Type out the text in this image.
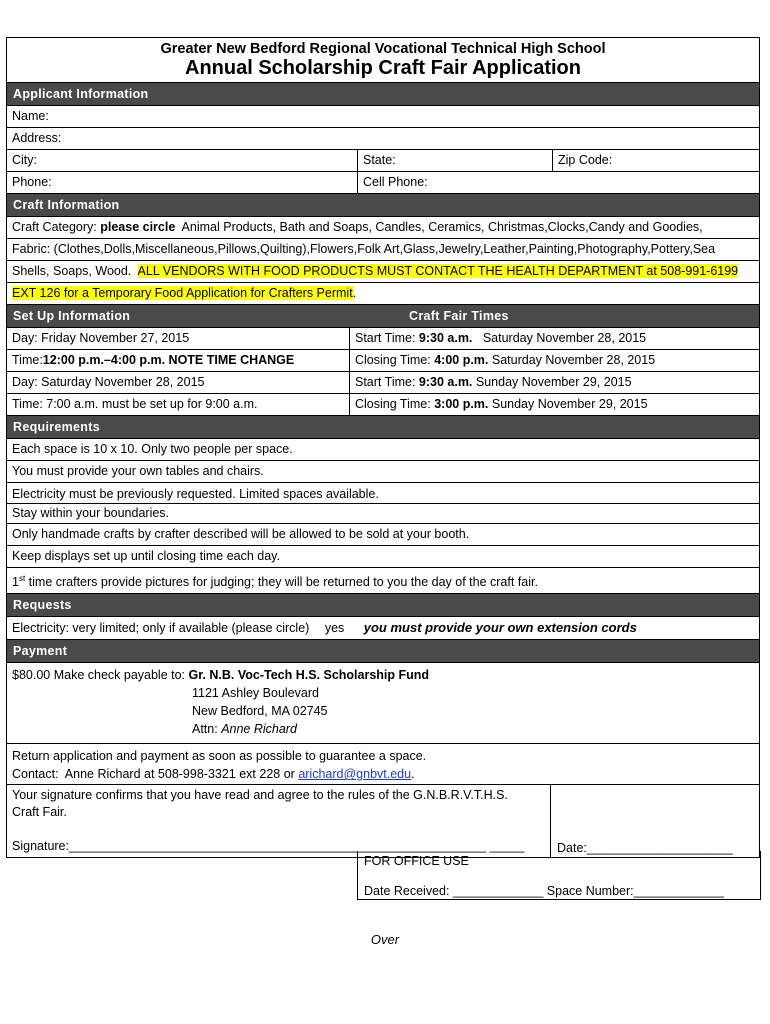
Greater New Bedford Regional Vocational Technical High School
Annual Scholarship Craft Fair Application
Applicant Information
Name:
Address:
City:	State:	Zip Code:
Phone:	Cell Phone:
Craft Information
Craft Category: please circle  Animal Products, Bath and Soaps, Candles, Ceramics, Christmas,Clocks,Candy and Goodies,
Fabric: (Clothes,Dolls,Miscellaneous,Pillows,Quilting),Flowers,Folk Art,Glass,Jewelry,Leather,Painting,Photography,Pottery,Sea
Shells, Soaps, Wood.  ALL VENDORS WITH FOOD PRODUCTS MUST CONTACT THE HEALTH DEPARTMENT at 508-991-6199
EXT 126 for a Temporary Food Application for Crafters Permit.
Set Up Information	Craft Fair Times
Day: Friday November 27, 2015	Start Time: 9:30 a.m.   Saturday November 28, 2015
Time:12:00 p.m.–4:00 p.m. NOTE TIME CHANGE	Closing Time: 4:00 p.m. Saturday November 28, 2015
Day: Saturday November 28, 2015	Start Time: 9:30 a.m. Sunday November 29, 2015
Time: 7:00 a.m. must be set up for 9:00 a.m.	Closing Time: 3:00 p.m. Sunday November 29, 2015
Requirements
Each space is 10 x 10. Only two people per space.
You must provide your own tables and chairs.
Electricity must be previously requested. Limited spaces available.
Stay within your boundaries.
Only handmade crafts by crafter described will be allowed to be sold at your booth.
Keep displays set up until closing time each day.
1st time crafters provide pictures for judging; they will be returned to you the day of the craft fair.
Requests
Electricity: very limited; only if available (please circle) yes you must provide your own extension cords
Payment
$80.00 Make check payable to: Gr. N.B. Voc-Tech H.S. Scholarship Fund
1121 Ashley Boulevard
New Bedford, MA 02745
Attn: Anne Richard
Return application and payment as soon as possible to guarantee a space.
Contact:  Anne Richard at 508-998-3321 ext 228 or arichard@gnbvt.edu.
Your signature confirms that you have read and agree to the rules of the G.N.B.R.V.T.H.S.
Craft Fair.
Signature:____________________________________________________________ _____	Date:_____________________
FOR OFFICE USE
Date Received: _____________ Space Number:_____________
Over
